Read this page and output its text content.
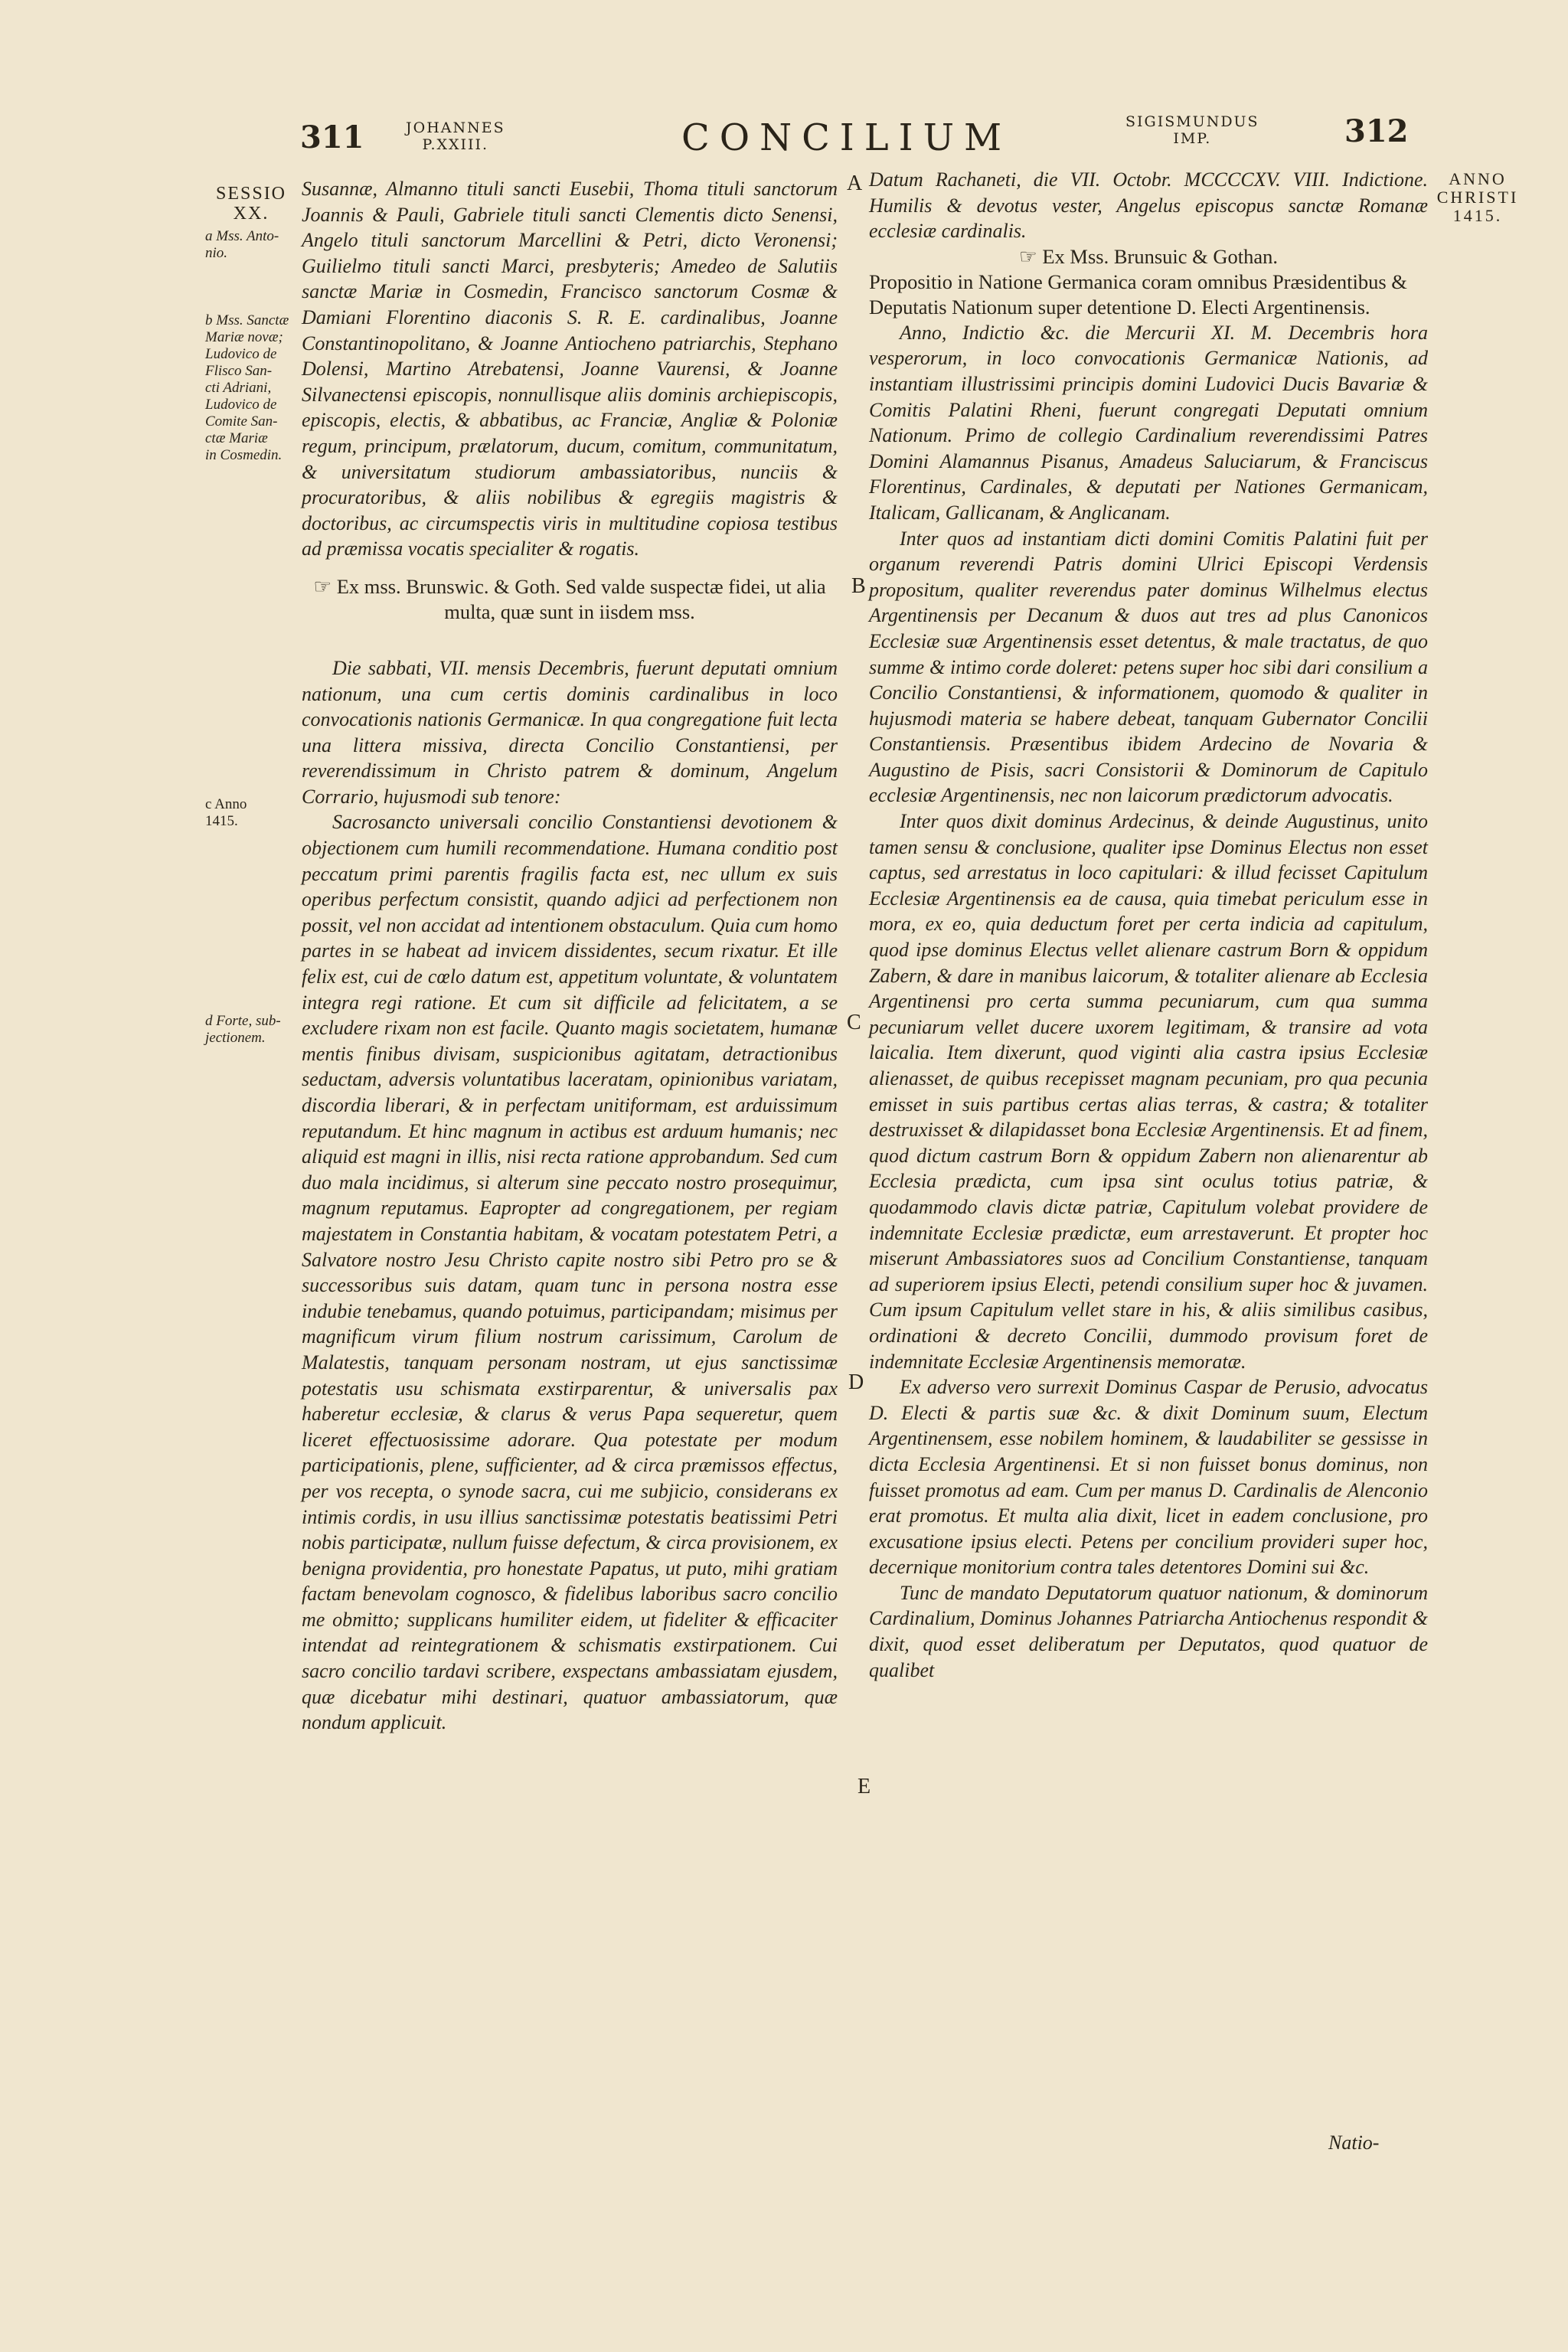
311	JOHANNES
P.XXIII.	CONCILIUM	SIGISMUNDUS
IMP.	312
SESSIO
XX.
a Mss. Anto-
nio.
b Mss. Sanctæ
Mariæ novæ;
Ludovico de
Flisco San-
cti Adriani,
Ludovico de
Comite San-
ctæ Mariæ
in Cosmedin.
c Anno
1415.
d Forte, sub-
jectionem.
ANNO
CHRISTI
1415.
A
B
C
D
E

Susannæ, Almanno tituli sancti Eusebii, Thoma tituli sanctorum Joannis & Pauli, Gabriele tituli sancti Clementis dicto Senensi, Angelo tituli sanctorum Marcellini & Petri, dicto Veronensi; Guilielmo tituli sancti Marci, presbyteris; Amedeo de Salutiis sanctæ Mariæ in Cosmedin, Francisco sanctorum Cosmæ & Damiani Florentino diaconis S. R. E. cardinalibus, Joanne Constantinopolitano, & Joanne Antiocheno patriarchis, Stephano Dolensi, Martino Atrebatensi, Joanne Vaurensi, & Joanne Silvanectensi episcopis, nonnullisque aliis dominis archiepiscopis, episcopis, electis, & abbatibus, ac Franciæ, Angliæ & Poloniæ regum, principum, prælatorum, ducum, comitum, communitatum, & universitatum studiorum ambassiatoribus, nunciis & procuratoribus, & aliis nobilibus & egregiis magistris & doctoribus, ac circumspectis viris in multitudine copiosa testibus ad præmissa vocatis specialiter & rogatis.

☞ Ex mss. Brunswic. & Goth. Sed valde suspectæ fidei, ut alia multa, quæ sunt in iisdem mss.

Die sabbati, VII. mensis Decembris, fuerunt deputati omnium nationum, una cum certis dominis cardinalibus in loco convocationis nationis Germanicæ. In qua congregatione fuit lecta una littera missiva, directa Concilio Constantiensi, per reverendissimum in Christo patrem & dominum, Angelum Corrario, hujusmodi sub tenore:

Sacrosancto universali concilio Constantiensi devotionem & objectionem cum humili recommendatione. Humana conditio post peccatum primi parentis fragilis facta est, nec ullum ex suis operibus perfectum consistit, quando adjici ad perfectionem non possit, vel non accidat ad intentionem obstaculum. Quia cum homo partes in se habeat ad invicem dissidentes, secum rixatur. Et ille felix est, cui de cœlo datum est, appetitum voluntate, & voluntatem integra regi ratione. Et cum sit difficile ad felicitatem, a se excludere rixam non est facile. Quanto magis societatem, humanæ mentis finibus divisam, suspicionibus agitatam, detractionibus seductam, adversis voluntatibus laceratam, opinionibus variatam, discordia liberari, & in perfectam unitiformam, est arduissimum reputandum. Et hinc magnum in actibus est arduum humanis; nec aliquid est magni in illis, nisi recta ratione approbandum. Sed cum duo mala incidimus, si alterum sine peccato nostro prosequimur, magnum reputamus. Eapropter ad congregationem, per regiam majestatem in Constantia habitam, & vocatam potestatem Petri, a Salvatore nostro Jesu Christo capite nostro sibi Petro pro se & successoribus suis datam, quam tunc in persona nostra esse indubie tenebamus, quando potuimus, participandam; misimus per magnificum virum filium nostrum carissimum, Carolum de Malatestis, tanquam personam nostram, ut ejus sanctissimæ potestatis usu schismata exstirparentur, & universalis pax haberetur ecclesiæ, & clarus & verus Papa sequeretur, quem liceret effectuosissime adorare. Qua potestate per modum participationis, plene, sufficienter, ad & circa præmissos effectus, per vos recepta, o synode sacra, cui me subjicio, considerans ex intimis cordis, in usu illius sanctissimæ potestatis beatissimi Petri nobis participatæ, nullum fuisse defectum, & circa provisionem, ex benigna providentia, pro honestate Papatus, ut puto, mihi gratiam factam benevolam cognosco, & fidelibus laboribus sacro concilio me obmitto; supplicans humiliter eidem, ut fideliter & efficaciter intendat ad reintegrationem & schismatis exstirpationem. Cui sacro concilio tardavi scribere, exspectans ambassiatam ejusdem, quæ dicebatur mihi destinari, quatuor ambassiatorum, quæ nondum applicuit.

Datum Rachaneti, die VII. Octobr. MCCCCXV. VIII. Indictione. Humilis & devotus vester, Angelus episcopus sanctæ Romanæ ecclesiæ cardinalis.

☞ Ex Mss. Brunsuic & Gothan.

Propositio in Natione Germanica coram omnibus Præsidentibus & Deputatis Nationum super detentione D. Electi Argentinensis.

Anno, Indictio &c. die Mercurii XI. M. Decembris hora vesperorum, in loco convocationis Germanicæ Nationis, ad instantiam illustrissimi principis domini Ludovici Ducis Bavariæ & Comitis Palatini Rheni, fuerunt congregati Deputati omnium Nationum. Primo de collegio Cardinalium reverendissimi Patres Domini Alamannus Pisanus, Amadeus Saluciarum, & Franciscus Florentinus, Cardinales, & deputati per Nationes Germanicam, Italicam, Gallicanam, & Anglicanam.

Inter quos ad instantiam dicti domini Comitis Palatini fuit per organum reverendi Patris domini Ulrici Episcopi Verdensis propositum, qualiter reverendus pater dominus Wilhelmus electus Argentinensis per Decanum & duos aut tres ad plus Canonicos Ecclesiæ suæ Argentinensis esset detentus, & male tractatus, de quo summe & intimo corde doleret: petens super hoc sibi dari consilium a Concilio Constantiensi, & informationem, quomodo & qualiter in hujusmodi materia se habere debeat, tanquam Gubernator Concilii Constantiensis. Præsentibus ibidem Ardecino de Novaria & Augustino de Pisis, sacri Consistorii & Dominorum de Capitulo ecclesiæ Argentinensis, nec non laicorum prædictorum advocatis.

Inter quos dixit dominus Ardecinus, & deinde Augustinus, unito tamen sensu & conclusione, qualiter ipse Dominus Electus non esset captus, sed arrestatus in loco capitulari: & illud fecisset Capitulum Ecclesiæ Argentinensis ea de causa, quia timebat periculum esse in mora, ex eo, quia deductum foret per certa indicia ad capitulum, quod ipse dominus Electus vellet alienare castrum Born & oppidum Zabern, & dare in manibus laicorum, & totaliter alienare ab Ecclesia Argentinensi pro certa summa pecuniarum, cum qua summa pecuniarum vellet ducere uxorem legitimam, & transire ad vota laicalia. Item dixerunt, quod viginti alia castra ipsius Ecclesiæ alienasset, de quibus recepisset magnam pecuniam, pro qua pecunia emisset in suis partibus certas alias terras, & castra; & totaliter destruxisset & dilapidasset bona Ecclesiæ Argentinensis. Et ad finem, quod dictum castrum Born & oppidum Zabern non alienarentur ab Ecclesia prædicta, cum ipsa sint oculus totius patriæ, & quodammodo clavis dictæ patriæ, Capitulum volebat providere de indemnitate Ecclesiæ prædictæ, eum arrestaverunt. Et propter hoc miserunt Ambassiatores suos ad Concilium Constantiense, tanquam ad superiorem ipsius Electi, petendi consilium super hoc & juvamen. Cum ipsum Capitulum vellet stare in his, & aliis similibus casibus, ordinationi & decreto Concilii, dummodo provisum foret de indemnitate Ecclesiæ Argentinensis memoratæ.

Ex adverso vero surrexit Dominus Caspar de Perusio, advocatus D. Electi & partis suæ &c. & dixit Dominum suum, Electum Argentinensem, esse nobilem hominem, & laudabiliter se gessisse in dicta Ecclesia Argentinensi. Et si non fuisset bonus dominus, non fuisset promotus ad eam. Cum per manus D. Cardinalis de Alenconio erat promotus. Et multa alia dixit, licet in eadem conclusione, pro excusatione ipsius electi. Petens per concilium provideri super hoc, decernique monitorium contra tales detentores Domini sui &c.

Tunc de mandato Deputatorum quatuor nationum, & dominorum Cardinalium, Dominus Johannes Patriarcha Antiochenus respondit & dixit, quod esset deliberatum per Deputatos, quod quatuor de qualibet

Natio-
